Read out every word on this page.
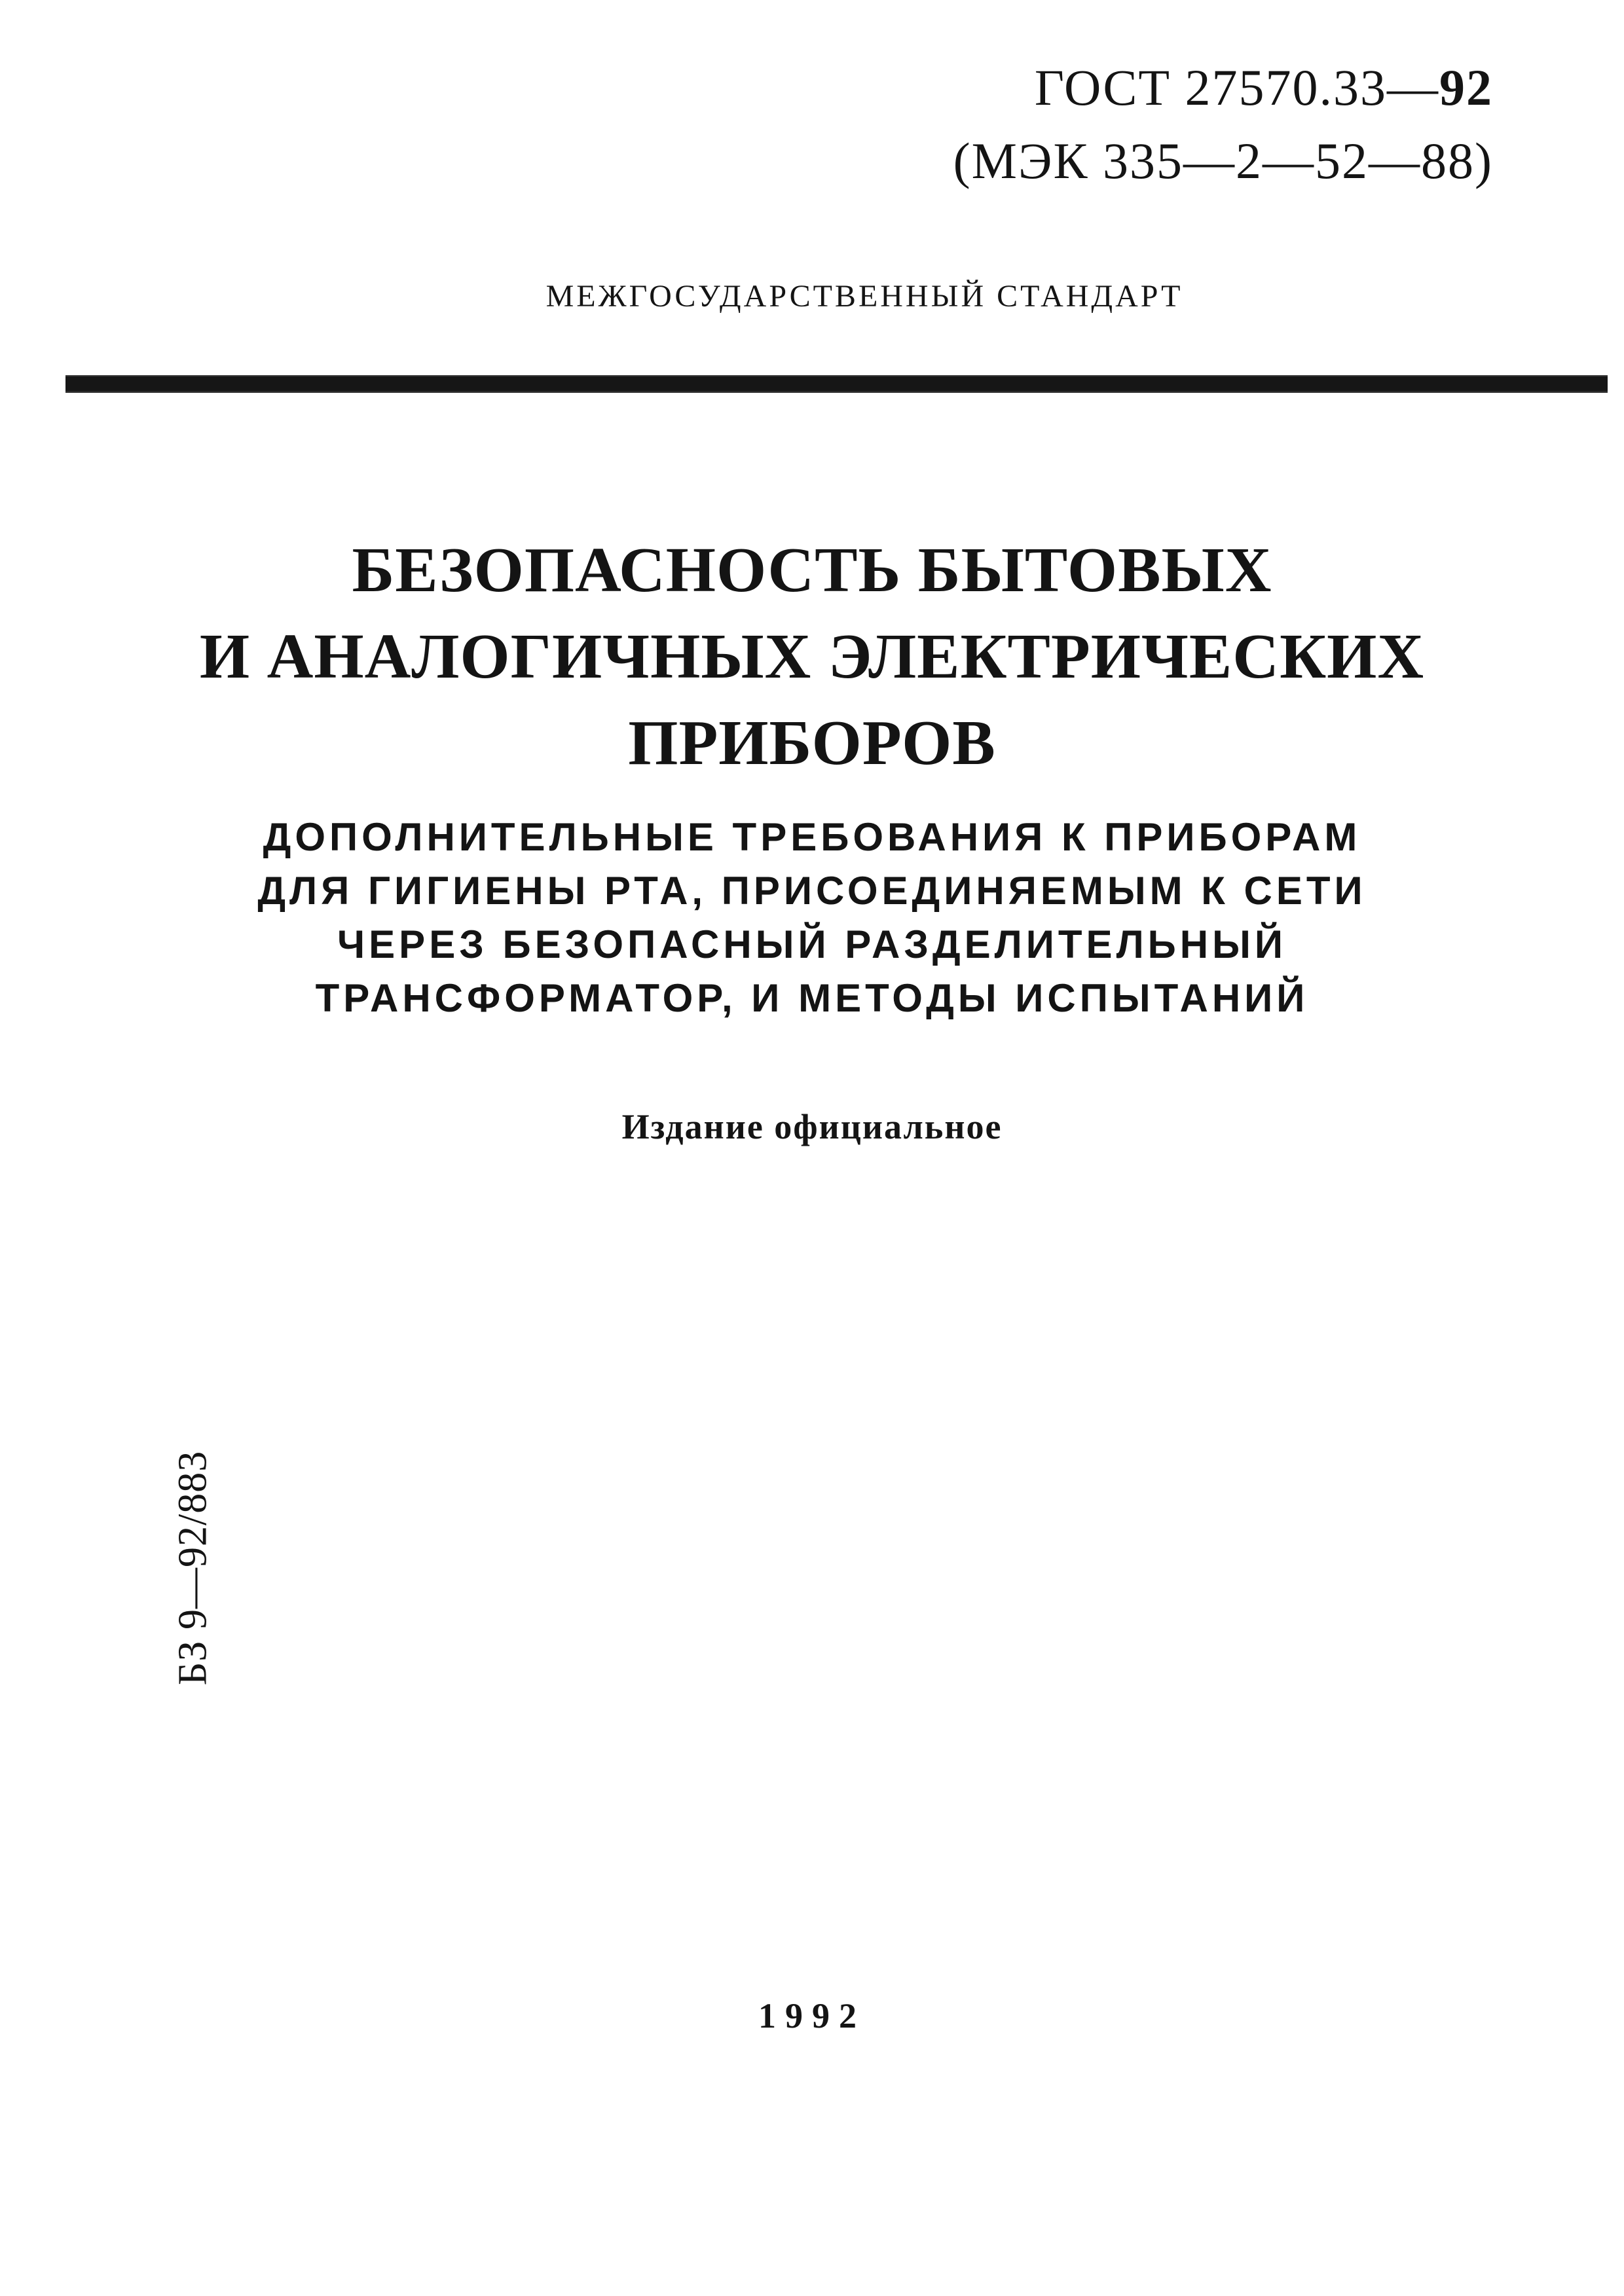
ГОСТ 27570.33—92
(МЭК 335—2—52—88)
МЕЖГОСУДАРСТВЕННЫЙ СТАНДАРТ
БЕЗОПАСНОСТЬ БЫТОВЫХ
И АНАЛОГИЧНЫХ ЭЛЕКТРИЧЕСКИХ
ПРИБОРОВ
ДОПОЛНИТЕЛЬНЫЕ ТРЕБОВАНИЯ К ПРИБОРАМ
ДЛЯ ГИГИЕНЫ РТА, ПРИСОЕДИНЯЕМЫМ К СЕТИ
ЧЕРЕЗ БЕЗОПАСНЫЙ РАЗДЕЛИТЕЛЬНЫЙ
ТРАНСФОРМАТОР, И МЕТОДЫ ИСПЫТАНИЙ
Издание официальное
БЗ 9—92/883
1992
